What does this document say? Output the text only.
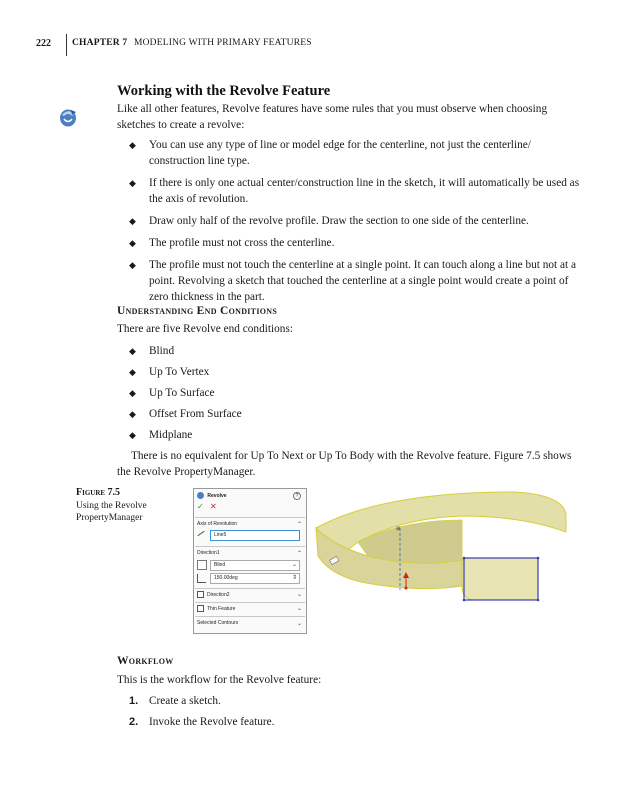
222 CHAPTER 7 MODELING WITH PRIMARY FEATURES
Working with the Revolve Feature
Like all other features, Revolve features have some rules that you must observe when choosing sketches to create a revolve:
◆ You can use any type of line or model edge for the centerline, not just the centerline/ construction line type.
◆ If there is only one actual center/construction line in the sketch, it will automatically be used as the axis of revolution.
◆ Draw only half of the revolve profile. Draw the section to one side of the centerline.
◆ The profile must not cross the centerline.
◆ The profile must not touch the centerline at a single point. It can touch along a line but not at a point. Revolving a sketch that touched the centerline at a single point would create a point of zero thickness in the part.
Understanding End Conditions
There are five Revolve end conditions:
◆ Blind
◆ Up To Vertex
◆ Up To Surface
◆ Offset From Surface
◆ Midplane
There is no equivalent for Up To Next or Up To Body with the Revolve feature. Figure 7.5 shows the Revolve PropertyManager.
Figure 7.5
Using the Revolve PropertyManager
Revolve	?
✓ ✕
Axis of Revolution	⌃
Line5
Direction1	⌃
Blind	⌄
150.00deg	⇕
Direction2	⌄
Thin Feature	⌄
Selected Contours	⌄
⊞
Workflow
This is the workflow for the Revolve feature:
1. Create a sketch.
2. Invoke the Revolve feature.
